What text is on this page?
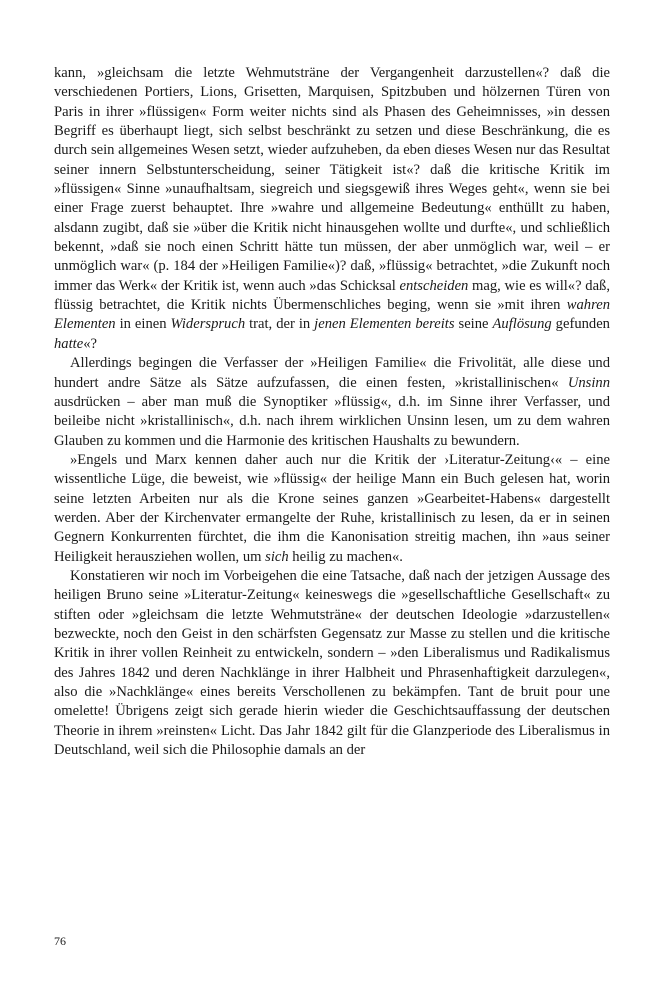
kann, »gleichsam die letzte Wehmutsträne der Vergangenheit darzustellen«? daß die verschiedenen Portiers, Lions, Grisetten, Marquisen, Spitzbuben und hölzernen Türen von Paris in ihrer »flüssigen« Form weiter nichts sind als Phasen des Geheimnisses, »in dessen Begriff es überhaupt liegt, sich selbst beschränkt zu setzen und diese Beschränkung, die es durch sein allgemeines Wesen setzt, wieder aufzuheben, da eben dieses Wesen nur das Resultat seiner innern Selbstunterscheidung, seiner Tätigkeit ist«? daß die kritische Kritik im »flüssigen« Sinne »unaufhaltsam, siegreich und siegsgewiß ihres Weges geht«, wenn sie bei einer Frage zuerst behauptet. Ihre »wahre und allgemeine Bedeutung« enthüllt zu haben, alsdann zugibt, daß sie »über die Kritik nicht hinausgehen wollte und durfte«, und schließlich bekennt, »daß sie noch einen Schritt hätte tun müssen, der aber unmöglich war, weil – er unmöglich war« (p. 184 der »Heiligen Familie«)? daß, »flüssig« betrachtet, »die Zukunft noch immer das Werk« der Kritik ist, wenn auch »das Schicksal entscheiden mag, wie es will«? daß, flüssig betrachtet, die Kritik nichts Übermenschliches beging, wenn sie »mit ihren wahren Elementen in einen Widerspruch trat, der in jenen Elementen bereits seine Auflösung gefunden hatte«?

Allerdings begingen die Verfasser der »Heiligen Familie« die Frivolität, alle diese und hundert andre Sätze als Sätze aufzufassen, die einen festen, »kristallinischen« Unsinn ausdrücken – aber man muß die Synoptiker »flüssig«, d.h. im Sinne ihrer Verfasser, und beileibe nicht »kristallinisch«, d.h. nach ihrem wirklichen Unsinn lesen, um zu dem wahren Glauben zu kommen und die Harmonie des kritischen Haushalts zu bewundern.

»Engels und Marx kennen daher auch nur die Kritik der ›Literatur-Zeitung‹« – eine wissentliche Lüge, die beweist, wie »flüssig« der heilige Mann ein Buch gelesen hat, worin seine letzten Arbeiten nur als die Krone seines ganzen »Gearbeitet-Habens« dargestellt werden. Aber der Kirchenvater ermangelte der Ruhe, kristallinisch zu lesen, da er in seinen Gegnern Konkurrenten fürchtet, die ihm die Kanonisation streitig machen, ihn »aus seiner Heiligkeit herausziehen wollen, um sich heilig zu machen«.

Konstatieren wir noch im Vorbeigehen die eine Tatsache, daß nach der jetzigen Aussage des heiligen Bruno seine »Literatur-Zeitung« keineswegs die »gesellschaftliche Gesellschaft« zu stiften oder »gleichsam die letzte Wehmutsträne« der deutschen Ideologie »darzustellen« bezweckte, noch den Geist in den schärfsten Gegensatz zur Masse zu stellen und die kritische Kritik in ihrer vollen Reinheit zu entwickeln, sondern – »den Liberalismus und Radikalismus des Jahres 1842 und deren Nachklänge in ihrer Halbheit und Phrasenhaftigkeit darzulegen«, also die »Nachklänge« eines bereits Verschollenen zu bekämpfen. Tant de bruit pour une omelette! Übrigens zeigt sich gerade hierin wieder die Geschichtsauffassung der deutschen Theorie in ihrem »reinsten« Licht. Das Jahr 1842 gilt für die Glanzperiode des Liberalismus in Deutschland, weil sich die Philosophie damals an der

76
